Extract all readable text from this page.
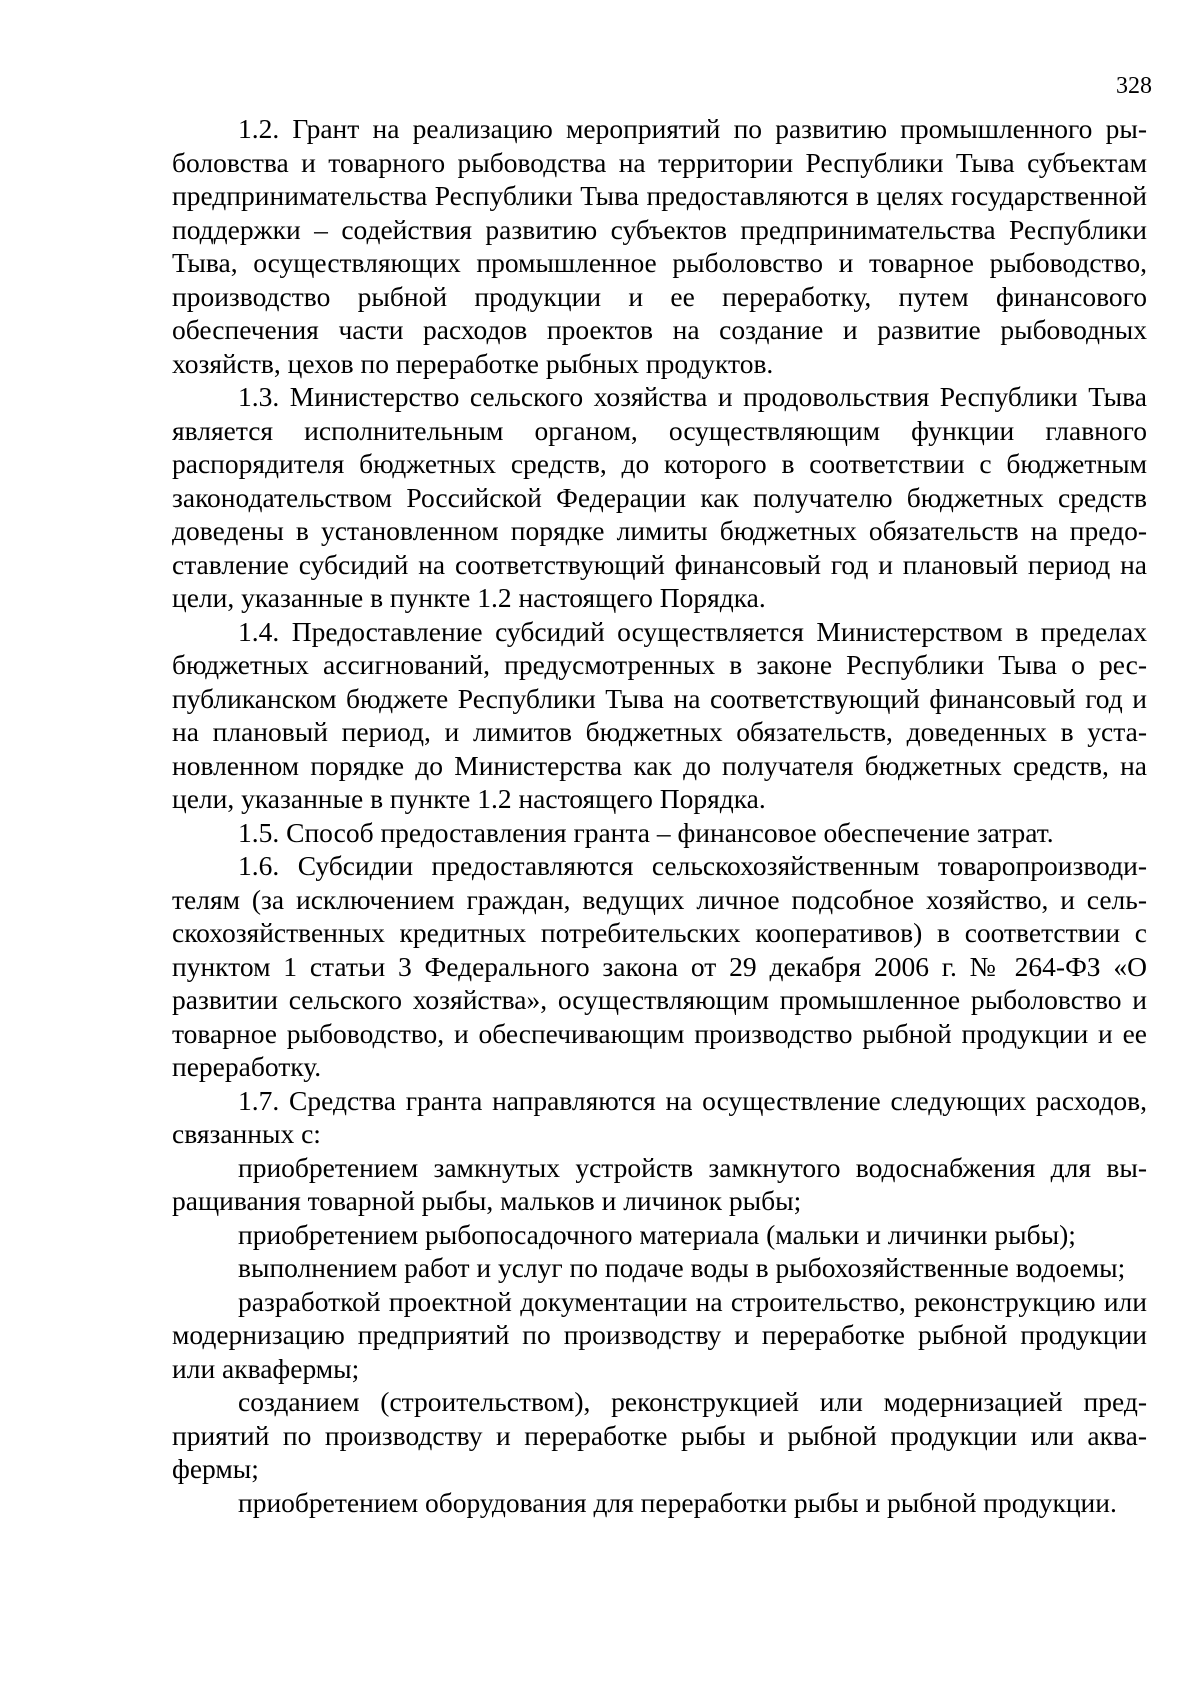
328

1.2. Грант на реализацию мероприятий по развитию промышленного рыболовства и товарного рыбоводства на территории Республики Тыва субъектам предпринимательства Республики Тыва предоставляются в целях государственной поддержки – содействия развитию субъектов предпринимательства Республики Тыва, осуществляющих промышленное рыболовство и товарное рыбоводство, производство рыбной продукции и ее переработку, путем финансового обеспечения части расходов проектов на создание и развитие рыбоводных хозяйств, цехов по переработке рыбных продуктов.

1.3. Министерство сельского хозяйства и продовольствия Республики Тыва является исполнительным органом, осуществляющим функции главного распорядителя бюджетных средств, до которого в соответствии с бюджетным законодательством Российской Федерации как получателю бюджетных средств доведены в установленном порядке лимиты бюджетных обязательств на предоставление субсидий на соответствующий финансовый год и плановый период на цели, указанные в пункте 1.2 настоящего Порядка.

1.4. Предоставление субсидий осуществляется Министерством в пределах бюджетных ассигнований, предусмотренных в законе Республики Тыва о республиканском бюджете Республики Тыва на соответствующий финансовый год и на плановый период, и лимитов бюджетных обязательств, доведенных в установленном порядке до Министерства как до получателя бюджетных средств, на цели, указанные в пункте 1.2 настоящего Порядка.

1.5. Способ предоставления гранта – финансовое обеспечение затрат.

1.6. Субсидии предоставляются сельскохозяйственным товаропроизводителям (за исключением граждан, ведущих личное подсобное хозяйство, и сельскохозяйственных кредитных потребительских кооперативов) в соответствии с пунктом 1 статьи 3 Федерального закона от 29 декабря 2006 г. № 264-ФЗ «О развитии сельского хозяйства», осуществляющим промышленное рыболовство и товарное рыбоводство, и обеспечивающим производство рыбной продукции и ее переработку.

1.7. Средства гранта направляются на осуществление следующих расходов, связанных с:

приобретением замкнутых устройств замкнутого водоснабжения для выращивания товарной рыбы, мальков и личинок рыбы;

приобретением рыбопосадочного материала (мальки и личинки рыбы);

выполнением работ и услуг по подаче воды в рыбохозяйственные водоемы;

разработкой проектной документации на строительство, реконструкцию или модернизацию предприятий по производству и переработке рыбной продукции или аквафермы;

созданием (строительством), реконструкцией или модернизацией предприятий по производству и переработке рыбы и рыбной продукции или аквафермы;

приобретением оборудования для переработки рыбы и рыбной продукции.
